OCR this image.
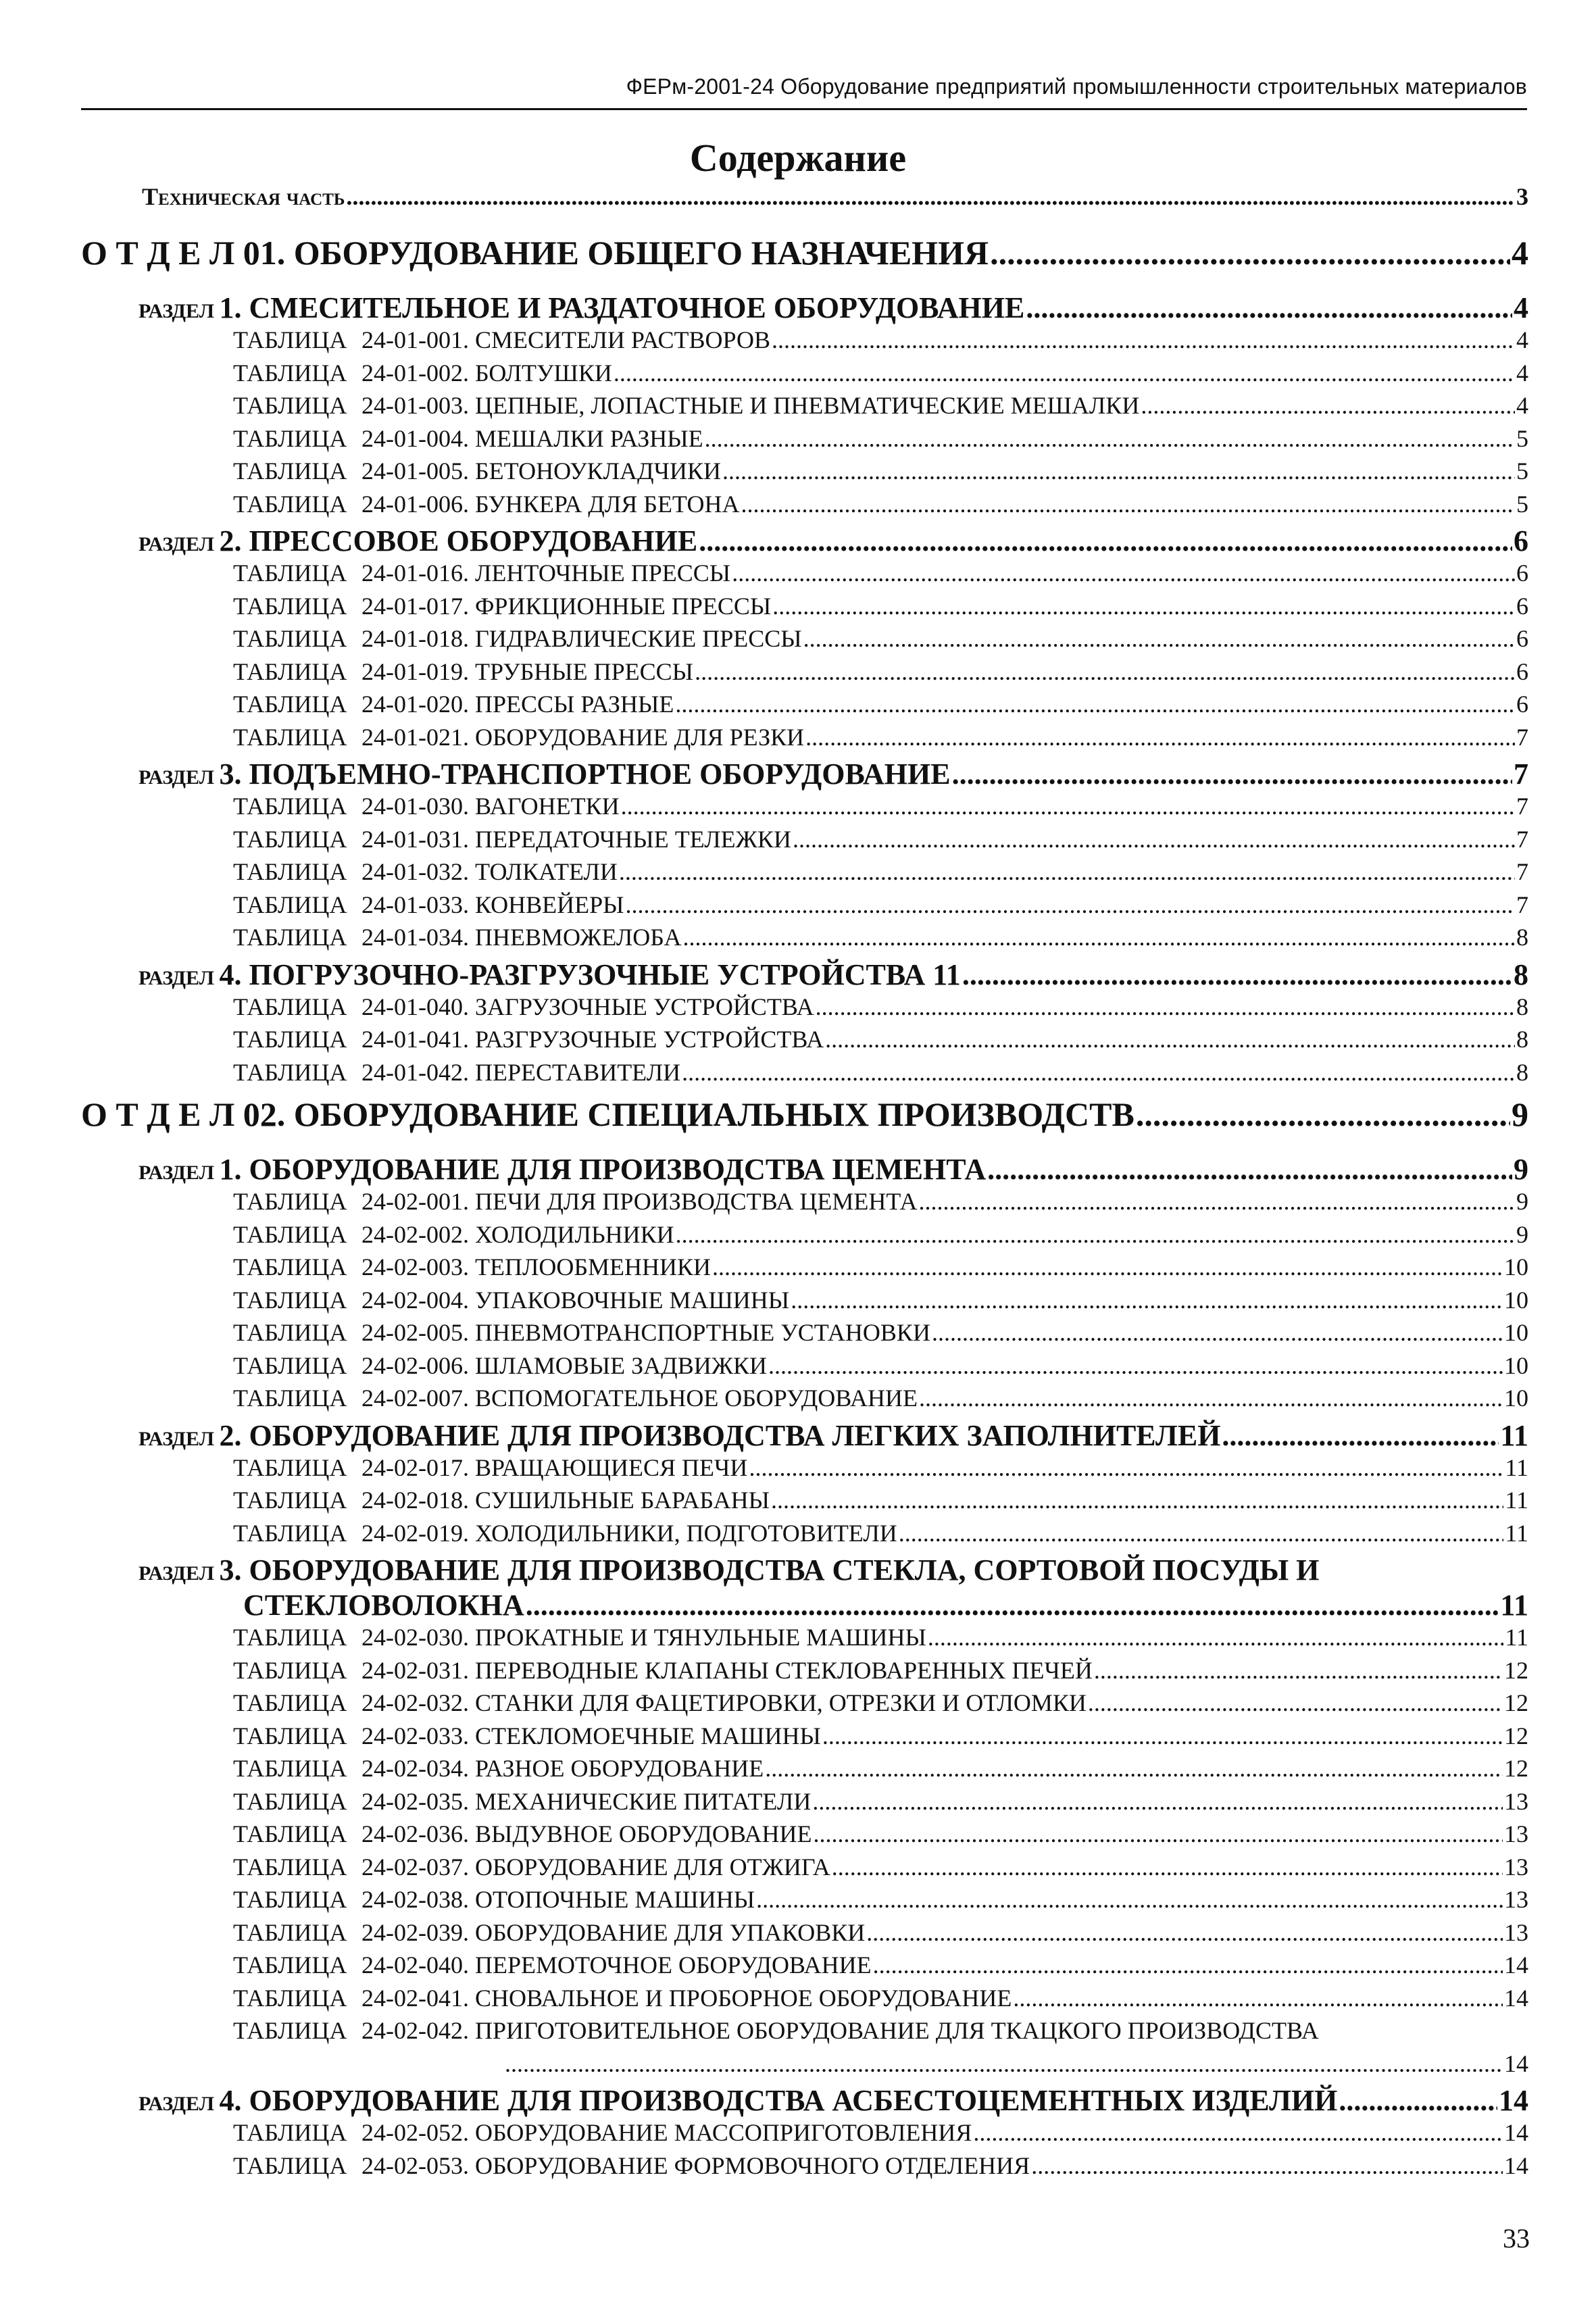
ФЕРм-2001-24 Оборудование предприятий промышленности строительных материалов
Содержание
Техническая часть .....	3
О Т Д Е Л 01. ОБОРУДОВАНИЕ ОБЩЕГО НАЗНАЧЕНИЯ .....	4
РАЗДЕЛ 1. СМЕСИТЕЛЬНОЕ И РАЗДАТОЧНОЕ ОБОРУДОВАНИЕ .....	4
ТАБЛИЦА 24-01-001. СМЕСИТЕЛИ РАСТВОРОВ .....	4
ТАБЛИЦА 24-01-002. БОЛТУШКИ .....	4
ТАБЛИЦА 24-01-003. ЦЕПНЫЕ, ЛОПАСТНЫЕ И ПНЕВМАТИЧЕСКИЕ МЕШАЛКИ .....	4
ТАБЛИЦА 24-01-004. МЕШАЛКИ РАЗНЫЕ .....	5
ТАБЛИЦА 24-01-005. БЕТОНОУКЛАДЧИКИ .....	5
ТАБЛИЦА 24-01-006. БУНКЕРА ДЛЯ БЕТОНА .....	5
РАЗДЕЛ 2. ПРЕССОВОЕ ОБОРУДОВАНИЕ .....	6
ТАБЛИЦА 24-01-016. ЛЕНТОЧНЫЕ ПРЕССЫ .....	6
ТАБЛИЦА 24-01-017. ФРИКЦИОННЫЕ ПРЕССЫ .....	6
ТАБЛИЦА 24-01-018. ГИДРАВЛИЧЕСКИЕ ПРЕССЫ .....	6
ТАБЛИЦА 24-01-019. ТРУБНЫЕ ПРЕССЫ .....	6
ТАБЛИЦА 24-01-020. ПРЕССЫ РАЗНЫЕ .....	6
ТАБЛИЦА 24-01-021. ОБОРУДОВАНИЕ ДЛЯ РЕЗКИ .....	7
РАЗДЕЛ 3. ПОДЪЕМНО-ТРАНСПОРТНОЕ ОБОРУДОВАНИЕ .....	7
ТАБЛИЦА 24-01-030. ВАГОНЕТКИ .....	7
ТАБЛИЦА 24-01-031. ПЕРЕДАТОЧНЫЕ ТЕЛЕЖКИ .....	7
ТАБЛИЦА 24-01-032. ТОЛКАТЕЛИ .....	7
ТАБЛИЦА 24-01-033. КОНВЕЙЕРЫ .....	7
ТАБЛИЦА 24-01-034. ПНЕВМОЖЕЛОБА .....	8
РАЗДЕЛ 4. ПОГРУЗОЧНО-РАЗГРУЗОЧНЫЕ УСТРОЙСТВА 11 .....	8
ТАБЛИЦА 24-01-040. ЗАГРУЗОЧНЫЕ УСТРОЙСТВА .....	8
ТАБЛИЦА 24-01-041. РАЗГРУЗОЧНЫЕ УСТРОЙСТВА .....	8
ТАБЛИЦА 24-01-042. ПЕРЕСТАВИТЕЛИ .....	8
О Т Д Е Л 02. ОБОРУДОВАНИЕ СПЕЦИАЛЬНЫХ ПРОИЗВОДСТВ .....	9
РАЗДЕЛ 1. ОБОРУДОВАНИЕ ДЛЯ ПРОИЗВОДСТВА ЦЕМЕНТА .....	9
ТАБЛИЦА 24-02-001. ПЕЧИ ДЛЯ ПРОИЗВОДСТВА ЦЕМЕНТА .....	9
ТАБЛИЦА 24-02-002. ХОЛОДИЛЬНИКИ .....	9
ТАБЛИЦА 24-02-003. ТЕПЛООБМЕННИКИ .....	10
ТАБЛИЦА 24-02-004. УПАКОВОЧНЫЕ МАШИНЫ .....	10
ТАБЛИЦА 24-02-005. ПНЕВМОТРАНСПОРТНЫЕ УСТАНОВКИ .....	10
ТАБЛИЦА 24-02-006. ШЛАМОВЫЕ ЗАДВИЖКИ .....	10
ТАБЛИЦА 24-02-007. ВСПОМОГАТЕЛЬНОЕ ОБОРУДОВАНИЕ .....	10
РАЗДЕЛ 2. ОБОРУДОВАНИЕ ДЛЯ ПРОИЗВОДСТВА ЛЕГКИХ ЗАПОЛНИТЕЛЕЙ .....	11
ТАБЛИЦА 24-02-017. ВРАЩАЮЩИЕСЯ ПЕЧИ .....	11
ТАБЛИЦА 24-02-018. СУШИЛЬНЫЕ БАРАБАНЫ .....	11
ТАБЛИЦА 24-02-019. ХОЛОДИЛЬНИКИ, ПОДГОТОВИТЕЛИ .....	11
РАЗДЕЛ 3. ОБОРУДОВАНИЕ ДЛЯ ПРОИЗВОДСТВА СТЕКЛА, СОРТОВОЙ ПОСУДЫ И
СТЕКЛОВОЛОКНА .....	11
ТАБЛИЦА 24-02-030. ПРОКАТНЫЕ И ТЯНУЛЬНЫЕ МАШИНЫ .....	11
ТАБЛИЦА 24-02-031. ПЕРЕВОДНЫЕ КЛАПАНЫ СТЕКЛОВАРЕННЫХ ПЕЧЕЙ .....	12
ТАБЛИЦА 24-02-032. СТАНКИ ДЛЯ ФАЦЕТИРОВКИ, ОТРЕЗКИ И ОТЛОМКИ .....	12
ТАБЛИЦА 24-02-033. СТЕКЛОМОЕЧНЫЕ МАШИНЫ .....	12
ТАБЛИЦА 24-02-034. РАЗНОЕ ОБОРУДОВАНИЕ .....	12
ТАБЛИЦА 24-02-035. МЕХАНИЧЕСКИЕ ПИТАТЕЛИ .....	13
ТАБЛИЦА 24-02-036. ВЫДУВНОЕ ОБОРУДОВАНИЕ .....	13
ТАБЛИЦА 24-02-037. ОБОРУДОВАНИЕ ДЛЯ ОТЖИГА .....	13
ТАБЛИЦА 24-02-038. ОТОПОЧНЫЕ МАШИНЫ .....	13
ТАБЛИЦА 24-02-039. ОБОРУДОВАНИЕ ДЛЯ УПАКОВКИ .....	13
ТАБЛИЦА 24-02-040. ПЕРЕМОТОЧНОЕ ОБОРУДОВАНИЕ .....	14
ТАБЛИЦА 24-02-041. СНОВАЛЬНОЕ И ПРОБОРНОЕ ОБОРУДОВАНИЕ .....	14
ТАБЛИЦА 24-02-042. ПРИГОТОВИТЕЛЬНОЕ ОБОРУДОВАНИЕ ДЛЯ ТКАЦКОГО ПРОИЗВОДСТВА
.....
14
РАЗДЕЛ 4. ОБОРУДОВАНИЕ ДЛЯ ПРОИЗВОДСТВА АСБЕСТОЦЕМЕНТНЫХ ИЗДЕЛИЙ .....	14
ТАБЛИЦА 24-02-052. ОБОРУДОВАНИЕ МАССОПРИГОТОВЛЕНИЯ .....	14
ТАБЛИЦА 24-02-053. ОБОРУДОВАНИЕ ФОРМОВОЧНОГО ОТДЕЛЕНИЯ .....	14
33
